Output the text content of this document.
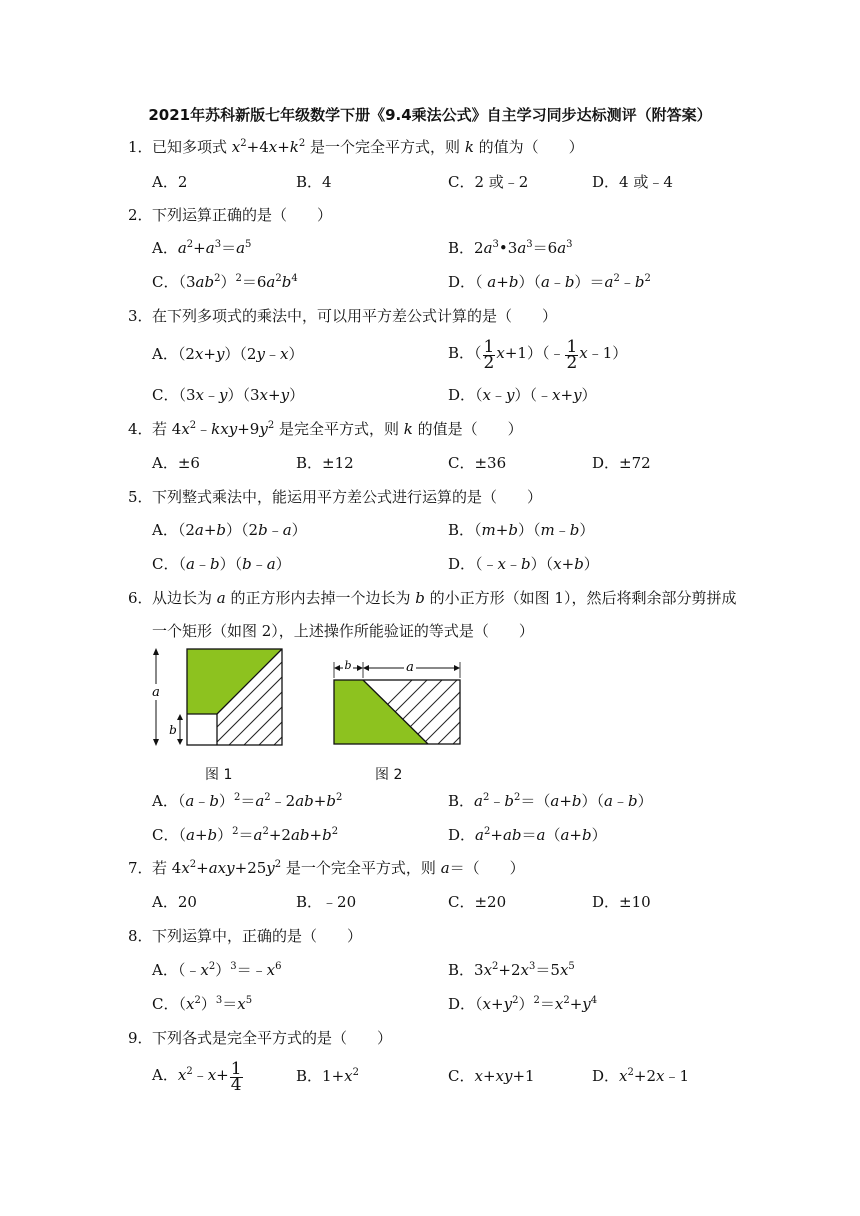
2021年苏科新版七年级数学下册《9.4乘法公式》自主学习同步达标测评（附答案）
1．已知多项式 $x^2+4x+k^2$ 是一个完全平方式，则 k 的值为（　　）
A．2	B．4	C．2 或﹣2	D．4 或﹣4
2．下列运算正确的是（　　）
A．$a^2+a^3=a^5$	B．$2a^3•3a^3=6a^3$
C．$(3ab^2)^2=6a^2b^4$	D．（ $a+b)(a﹣b)=a^2﹣b^2$
3．在下列多项式的乘法中，可以用平方差公式计算的是（　　）
A．（2x+y）（2y﹣x）	B．（ $\frac{1}{2}$ x+1）（﹣ $\frac{1}{2}$ x﹣1）
C．（3x﹣y）（3x+y）	D．（x﹣y）（﹣x+y）
4．若 $4x^2﹣kxy+9y^2$ 是完全平方式，则 k 的值是（　　）
A．±6	B．±12	C．±36	D．±72
5．下列整式乘法中，能运用平方差公式进行运算的是（　　）
A．（2a+b）（2b﹣a）	B．（m+b）（m﹣b）
C．（a﹣b）（b﹣a）	D．（﹣x﹣b）（x+b）
6．从边长为 a 的正方形内去掉一个边长为 b 的小正方形（如图 1），然后将剩余部分剪拼成
一个矩形（如图 2），上述操作所能验证的等式是（　　）
a
b
图 1
b	a
图 2
A．$(a﹣b)^2=a^2﹣2ab+b^2$	B．$a^2﹣b^2=(a+b)(a﹣b)$
C．$(a+b)^2=a^2+2ab+b^2$	D．$a^2+ab=a(a+b)$
7．若 $4x^2+axy+25y^2$ 是一个完全平方式，则 a＝（　　）
A．20	B．﹣20	C．±20	D．±10
8．下列运算中，正确的是（　　）
A．$(﹣x^2)^3=﹣x^6$	B．$3x^2+2x^3=5x^5$
C．$(x^2)^3=x^5$	D．$(x+y^2)^2=x^2+y^4$
9．下列各式是完全平方式的是（　　）
A．$x^2﹣x+ \frac{1}{4}$	B．$1+x^2$	C．x+xy+1	D．$x^2+2x﹣1$
